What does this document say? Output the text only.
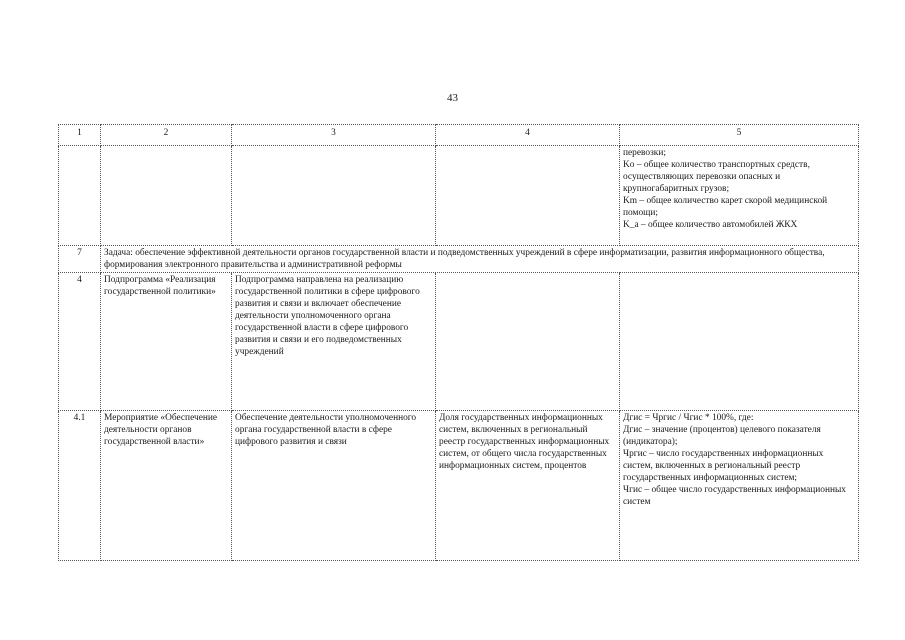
43
1	2	3	4	5
				перевозки;
Ko – общее количество транспортных средств, осуществляющих перевозки опасных и крупногабаритных грузов;
Km – общее количество карет скорой медицинской помощи;
K_a – общее количество автомобилей ЖКХ
7	Задача: обеспечение эффективной деятельности органов государственной власти и подведомственных учреждений в сфере информатизации, развития информационного общества, формирования электронного правительства и административной реформы			
4	Подпрограмма «Реализация государственной политики»	Подпрограмма направлена на реализацию государственной политики в сфере цифрового развития и связи и включает обеспечение деятельности уполномоченного органа государственной власти в сфере цифрового развития и связи и его подведомственных учреждений		
4.1	Мероприятие «Обеспечение деятельности органов государственной власти»	Обеспечение деятельности уполномоченного органа государственной власти в сфере цифрового развития и связи	Доля государственных информационных систем, включенных в региональный реестр государственных информационных систем, от общего числа государственных информационных систем, процентов	Дгис = Чргис / Чгис * 100%, где:
Дгис – значение (процентов) целевого показателя (индикатора);
Чргис – число государственных информационных систем, включенных в региональный реестр государственных информационных систем;
Чгис – общее число государственных информационных систем
